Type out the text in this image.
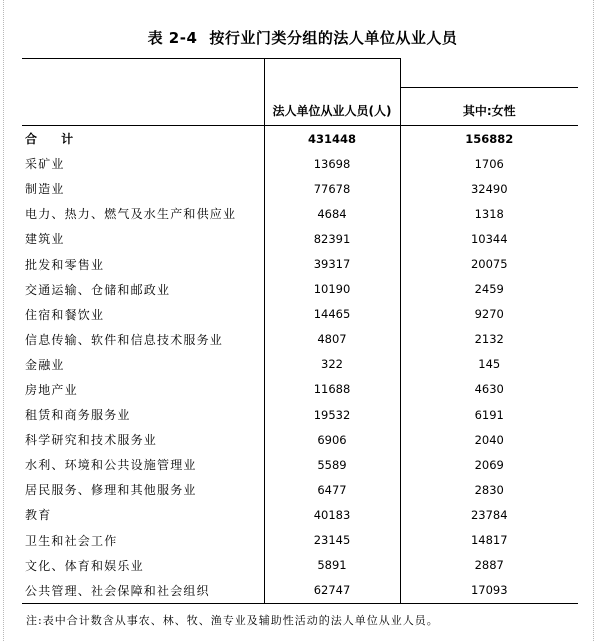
表 2-4 按行业门类分组的法人单位从业人员
	法人单位从业人员(人)	其中:女性
合 计	431448	156882
采矿业	13698	1706
制造业	77678	32490
电力、热力、燃气及水生产和供应业	4684	1318
建筑业	82391	10344
批发和零售业	39317	20075
交通运输、仓储和邮政业	10190	2459
住宿和餐饮业	14465	9270
信息传输、软件和信息技术服务业	4807	2132
金融业	322	145
房地产业	11688	4630
租赁和商务服务业	19532	6191
科学研究和技术服务业	6906	2040
水利、环境和公共设施管理业	5589	2069
居民服务、修理和其他服务业	6477	2830
教育	40183	23784
卫生和社会工作	23145	14817
文化、体育和娱乐业	5891	2887
公共管理、社会保障和社会组织	62747	17093
注:表中合计数含从事农、林、牧、渔专业及辅助性活动的法人单位从业人员。
